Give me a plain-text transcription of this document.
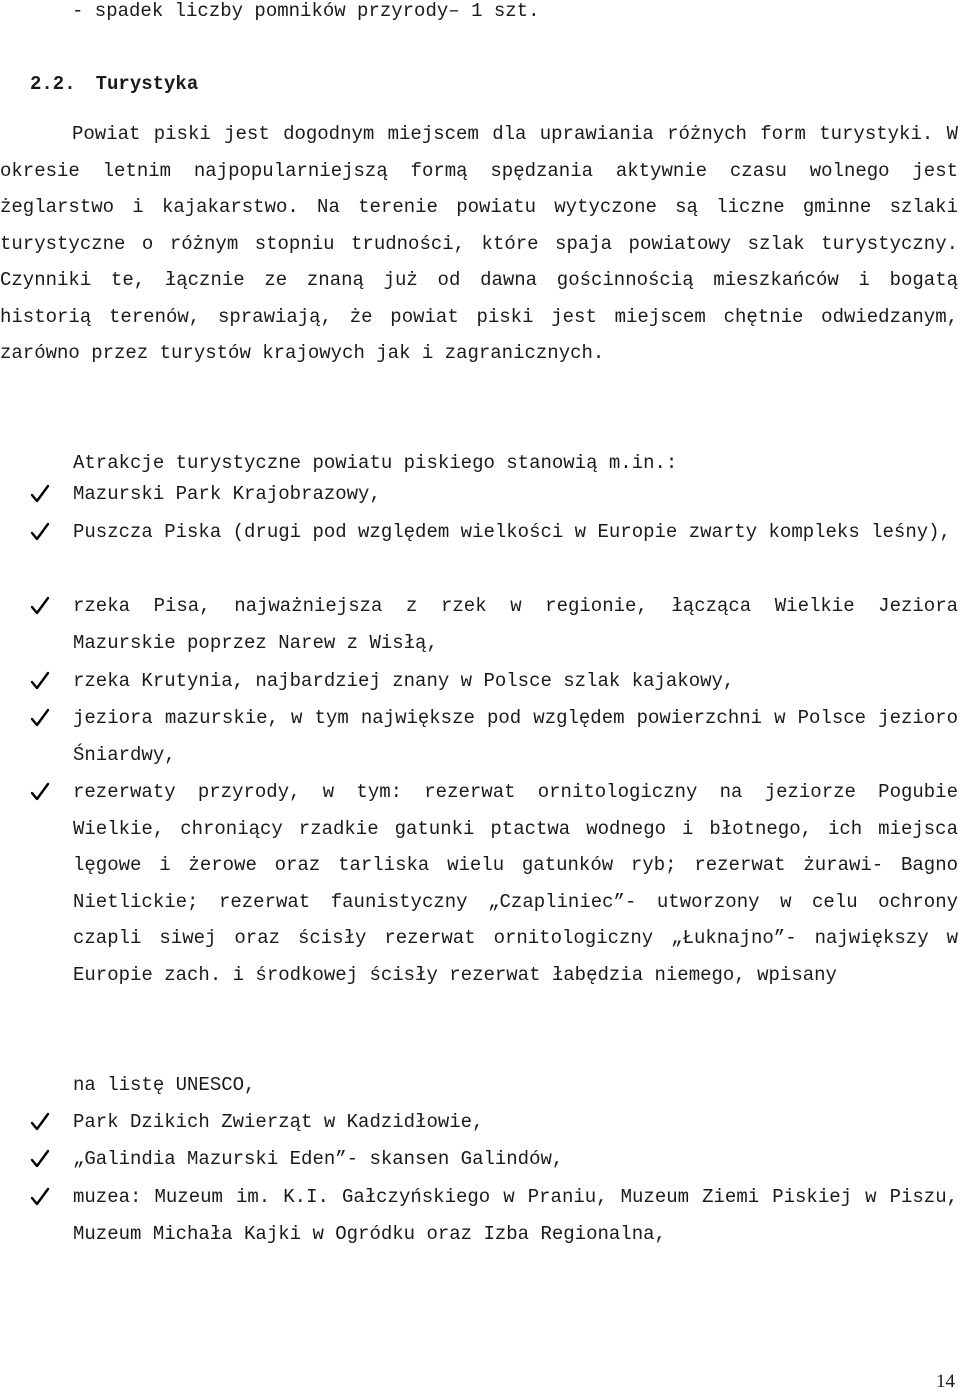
- spadek liczby pomników przyrody– 1 szt.
2.2. Turystyka
Powiat piski jest dogodnym miejscem dla uprawiania różnych form turystyki. W okresie letnim najpopularniejszą formą spędzania aktywnie czasu wolnego jest żeglarstwo i kajakarstwo. Na terenie powiatu wytyczone są liczne gminne szlaki turystyczne o różnym stopniu trudności, które spaja powiatowy szlak turystyczny. Czynniki te, łącznie ze znaną już od dawna gościnnością mieszkańców i bogatą historią terenów, sprawiają, że powiat piski jest miejscem chętnie odwiedzanym, zarówno przez turystów krajowych jak i zagranicznych.
Atrakcje turystyczne powiatu piskiego stanowią m.in.:
Mazurski Park Krajobrazowy,
Puszcza Piska (drugi pod względem wielkości w Europie zwarty kompleks leśny),
rzeka Pisa, najważniejsza z rzek w regionie, łącząca Wielkie Jeziora Mazurskie poprzez Narew z Wisłą,
rzeka Krutynia, najbardziej znany w Polsce szlak kajakowy,
jeziora mazurskie, w tym największe pod względem powierzchni w Polsce jezioro Śniardwy,
rezerwaty przyrody, w tym: rezerwat ornitologiczny na jeziorze Pogubie Wielkie, chroniący rzadkie gatunki ptactwa wodnego i błotnego, ich miejsca lęgowe i żerowe oraz tarliska wielu gatunków ryb; rezerwat żurawi- Bagno Nietlickie; rezerwat faunistyczny „Czapliniec”- utworzony w celu ochrony czapli siwej oraz ścisły rezerwat ornitologiczny „Łuknajno”- największy w Europie zach. i środkowej ścisły rezerwat łabędzia niemego, wpisany
na listę UNESCO,
Park Dzikich Zwierząt w Kadzidłowie,
„Galindia Mazurski Eden”- skansen Galindów,
muzea: Muzeum im. K.I. Gałczyńskiego w Praniu, Muzeum Ziemi Piskiej w Piszu, Muzeum Michała Kajki w Ogródku oraz Izba Regionalna,
14
